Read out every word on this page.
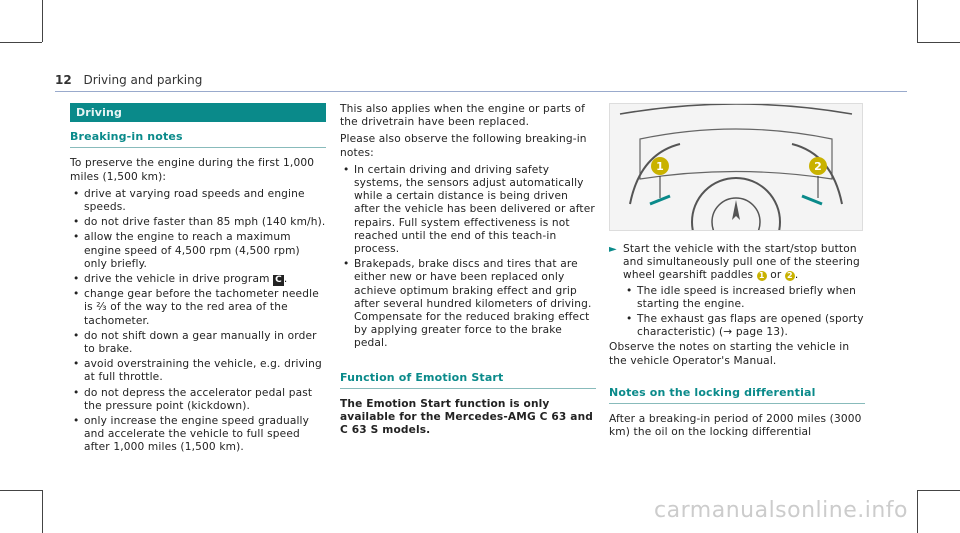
12 Driving and parking
Driving
Breaking-in notes

To preserve the engine during the first 1,000 miles (1,500 km):

• drive at varying road speeds and engine speeds.
• do not drive faster than 85 mph (140 km/h).
• allow the engine to reach a maximum engine speed of 4,500 rpm (4,500 rpm) only briefly.
• drive the vehicle in drive program C .
• change gear before the tachometer needle is ⅔ of the way to the red area of the tachometer.
• do not shift down a gear manually in order to brake.
• avoid overstraining the vehicle, e.g. driving at full throttle.
• do not depress the accelerator pedal past the pressure point (kickdown).
• only increase the engine speed gradually and accelerate the vehicle to full speed after 1,000 miles (1,500 km).

This also applies when the engine or parts of the drivetrain have been replaced.

Please also observe the following breaking-in notes:

• In certain driving and driving safety systems, the sensors adjust automatically while a certain distance is being driven after the vehicle has been delivered or after repairs. Full system effectiveness is not reached until the end of this teach-in process.
• Brakepads, brake discs and tires that are either new or have been replaced only achieve optimum braking effect and grip after several hundred kilometers of driving. Compensate for the reduced braking effect by applying greater force to the brake pedal.
Function of Emotion Start

The Emotion Start function is only available for the Mercedes-AMG C 63 and C 63 S models.

1	2
► Start the vehicle with the start/stop button and simultaneously pull one of the steering wheel gearshift paddles 1 or 2 .
• The idle speed is increased briefly when starting the engine.
• The exhaust gas flaps are opened (sporty characteristic) (→ page 13).

Observe the notes on starting the vehicle in the vehicle Operator's Manual.

Notes on the locking differential

After a breaking-in period of 2000 miles (3000 km) the oil on the locking differential

carmanualsonline.info
